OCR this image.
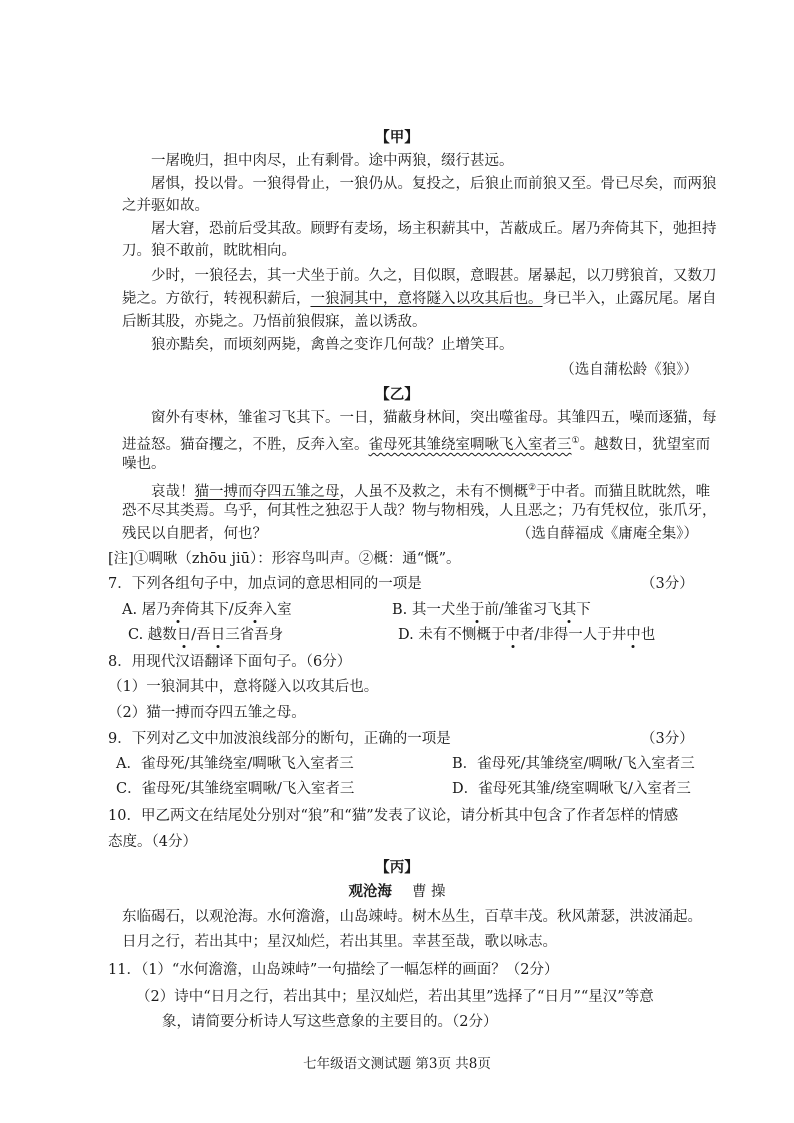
【甲】
一屠晚归，担中肉尽，止有剩骨。途中两狼，缀行甚远。
屠惧，投以骨。一狼得骨止，一狼仍从。复投之，后狼止而前狼又至。骨已尽矣，而两狼
之并驱如故。
屠大窘，恐前后受其敌。顾野有麦场，场主积薪其中，苫蔽成丘。屠乃奔倚其下，弛担持
刀。狼不敢前，眈眈相向。
少时，一狼径去，其一犬坐于前。久之，目似瞑，意暇甚。屠暴起，以刀劈狼首，又数刀
毙之。方欲行，转视积薪后，一狼洞其中，意将隧入以攻其后也。身已半入，止露尻尾。屠自
后断其股，亦毙之。乃悟前狼假寐，盖以诱敌。
狼亦黠矣，而顷刻两毙，禽兽之变诈几何哉？止增笑耳。
（选自蒲松龄《狼》）
【乙】
窗外有枣林，雏雀习飞其下。一日，猫蔽身林间，突出噬雀母。其雏四五，噪而逐猫，每
进益怒。猫奋攫之，不胜，反奔入室。雀母死其雏绕室啁啾飞入室者三①。越数日，犹望室而
噪也。
哀哉！猫一搏而夺四五雏之母，人虽不及救之，未有不恻概②于中者。而猫且眈眈然，唯
恐不尽其类焉。乌乎，何其性之独忍于人哉？物与物相残，人且恶之；乃有凭权位，张爪牙，
残民以自肥者，何也？	（选自薛福成《庸庵全集》）
[注]①啁啾（zhōu jiū）：形容鸟叫声。②概：通“慨”。
7．下列各组句子中，加点词的意思相同的一项是	（3分）
A. 屠乃奔倚其下/反奔入室	B. 其一犬坐于前/雏雀习飞其下
C. 越数日/吾日三省吾身	D. 未有不恻概于中者/非得一人于井中也
8．用现代汉语翻译下面句子。（6分）
（1）一狼洞其中，意将隧入以攻其后也。
（2）猫一搏而夺四五雏之母。
9．下列对乙文中加波浪线部分的断句，正确的一项是	（3分）
A．雀母死/其雏绕室/啁啾飞入室者三	B．雀母死/其雏绕室/啁啾/飞入室者三
C．雀母死/其雏绕室啁啾/飞入室者三	D．雀母死其雏/绕室啁啾飞/入室者三
10．甲乙两文在结尾处分别对“狼”和“猫”发表了议论，请分析其中包含了作者怎样的情感
态度。（4分）
【丙】
观沧海 曹 操
东临碣石，以观沧海。水何澹澹，山岛竦峙。树木丛生，百草丰茂。秋风萧瑟，洪波涌起。
日月之行，若出其中；星汉灿烂，若出其里。幸甚至哉，歌以咏志。
11．（1）“水何澹澹，山岛竦峙”一句描绘了一幅怎样的画面？（2分）
（2）诗中“日月之行，若出其中；星汉灿烂，若出其里”选择了“日月”“星汉”等意
象，请简要分析诗人写这些意象的主要目的。（2分）
七年级语文测试题 第3页 共8页
